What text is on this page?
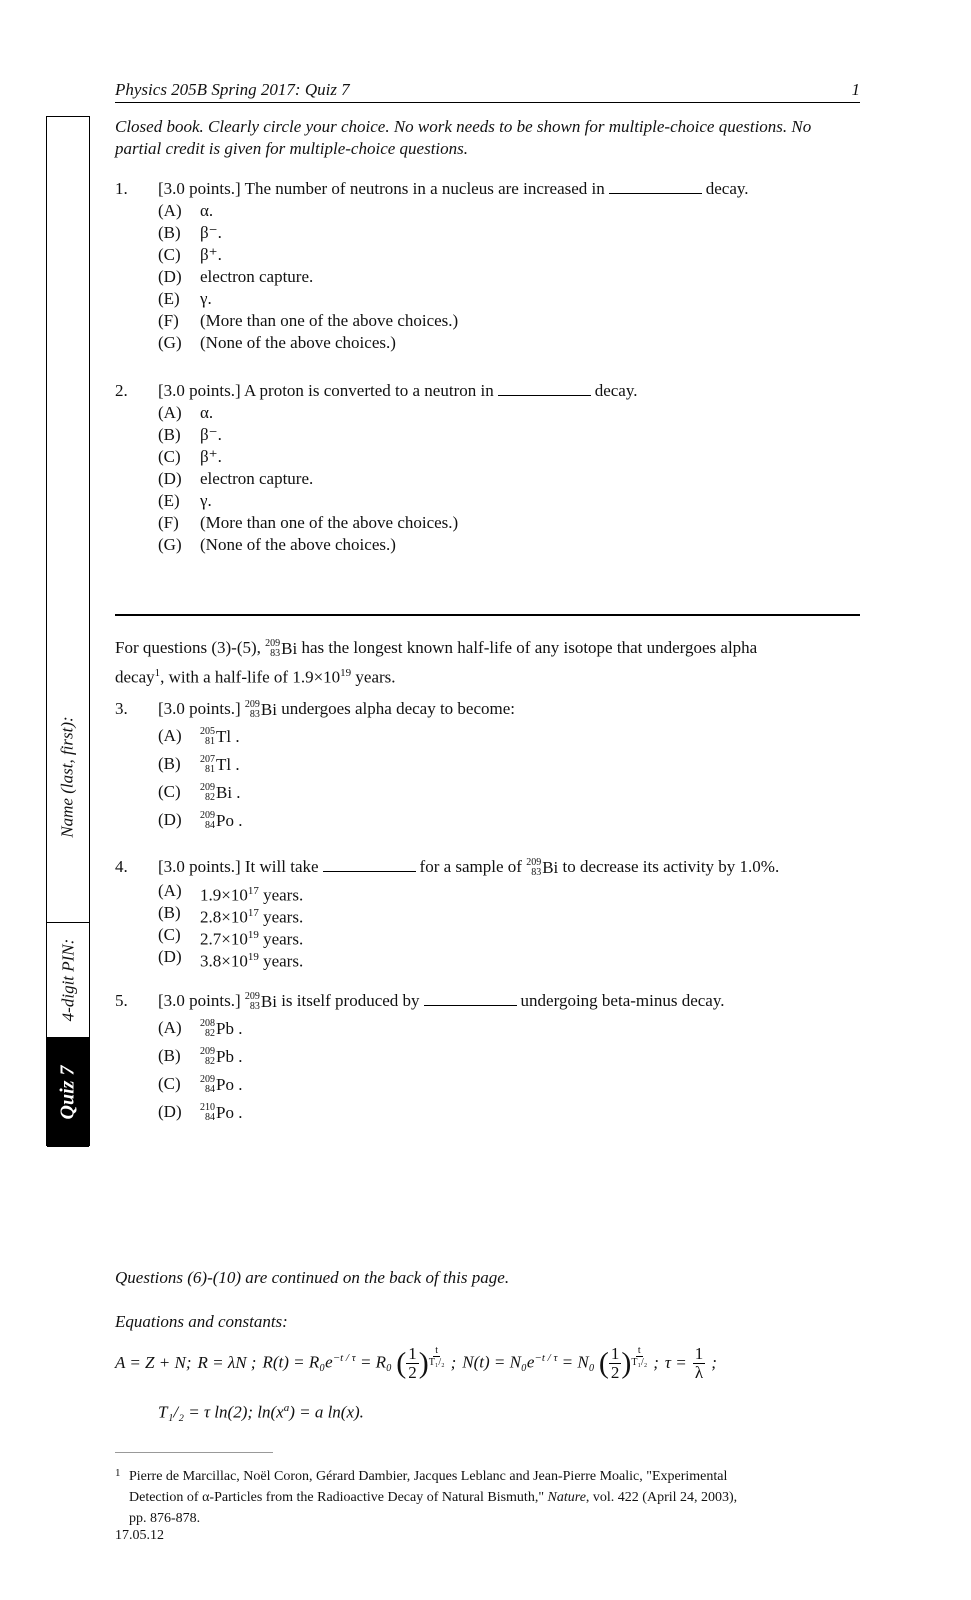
Physics 205B Spring 2017: Quiz 7	1
Closed book. Clearly circle your choice. No work needs to be shown for multiple-choice questions. No partial credit is given for multiple-choice questions.
Name (last, first):
4-digit PIN:
Quiz 7
1. [3.0 points.] The number of neutrons in a nucleus are increased in	decay.
(A) α.
(B) β⁻.
(C) β⁺.
(D) electron capture.
(E) γ.
(F) (More than one of the above choices.)
(G) (None of the above choices.)
2. [3.0 points.] A proton is converted to a neutron in	decay.
(A) α.
(B) β⁻.
(C) β⁺.
(D) electron capture.
(E) γ.
(F) (More than one of the above choices.)
(G) (None of the above choices.)
For questions (3)-(5), 209
83 Bi has the longest known half-life of any isotope that undergoes alpha
decay$^1$, with a half-life of $1.9\times 10^{19}$ years.
3. [3.0 points.] 209
83 Bi undergoes alpha decay to become:
(A) 205
81 Tl .
(B) 207
81 Tl .
(C) 209
82 Bi .
(D) 209
84 Po .
4. [3.0 points.] It will take	for a sample of 209
83 Bi to decrease its activity by 1.0%.
(A) $1.9\times 10^{17}$ years.
(B) $2.8\times 10^{17}$ years.
(C) $2.7\times 10^{19}$ years.
(D) $3.8\times 10^{19}$ years.
5. [3.0 points.] 209
83 Bi is itself produced by	undergoing beta-minus decay.
(A) 208
82 Pb .
(B) 209
82 Pb .
(C) 209
84 Po .
(D) 210
84 Po .
Questions (6)-(10) are continued on the back of this page.
Equations and constants:
A = Z + N; R = λN ; $R(t) = R_0e^{-t / \tau} = R_0$ ( $\frac{1}{2}$ ) $^{\frac{t}{\text{T₁/₂}}}$ ; $N(t) = N_0e^{-t / \tau} = N_0$ ( $\frac{1}{2}$ ) $^{\frac{t}{\text{T₁/₂}}}$ ; $\tau = \frac{1}{\lambda}$ ;
T₁/₂ = τ ln(2); $\ln(x^a) = a$ ln(x).
1 Pierre de Marcillac, Noël Coron, Gérard Dambier, Jacques Leblanc and Jean-Pierre Moalic, "Experimental
Detection of α-Particles from the Radioactive Decay of Natural Bismuth," Nature, vol. 422 (April 24, 2003),
pp. 876-878.
17.05.12
